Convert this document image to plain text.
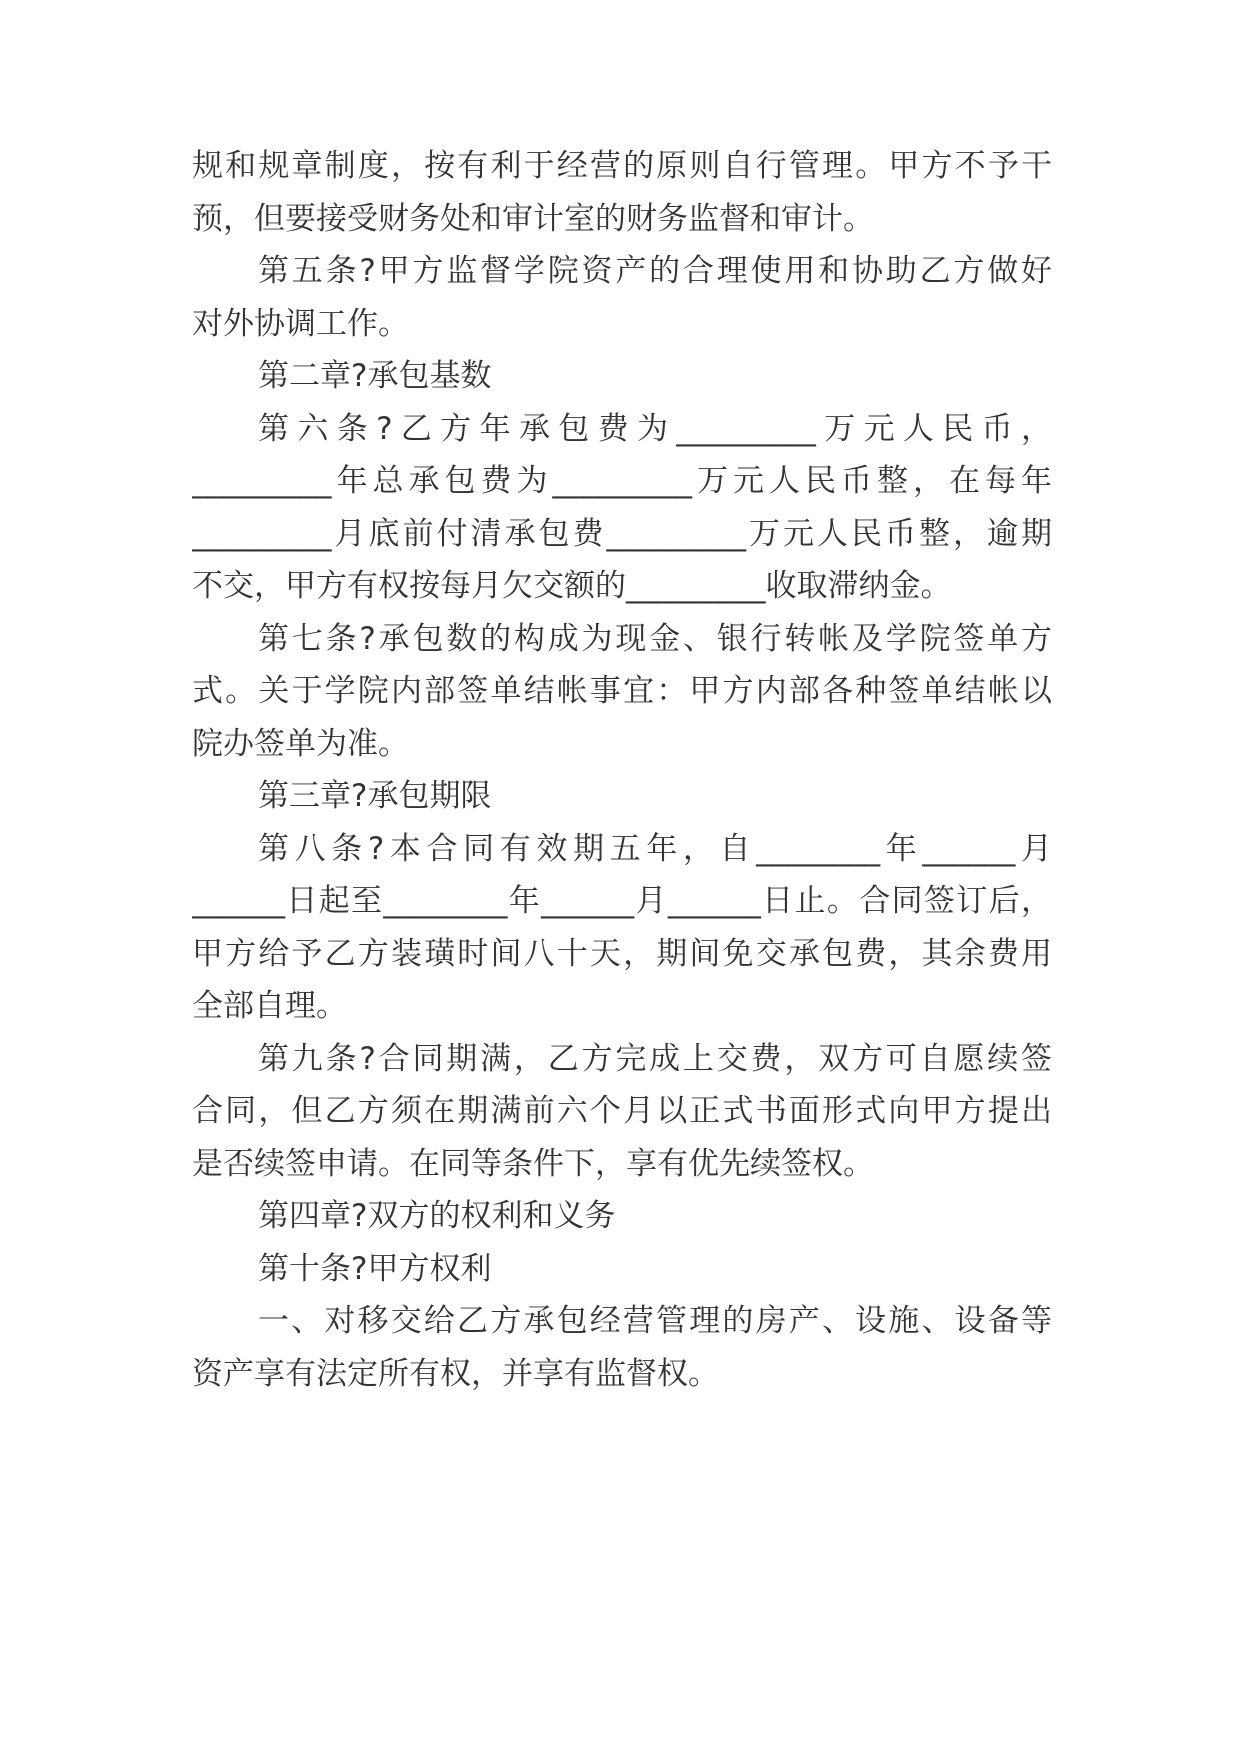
规和规章制度，按有利于经营的原则自行管理。甲方不予干
预，但要接受财务处和审计室的财务监督和审计。
第五条?甲方监督学院资产的合理使用和协助乙方做好
对外协调工作。
第二章?承包基数
第六条?乙方年承包费为_________万元人民币，
_________年总承包费为_________万元人民币整，在每年
_________月底前付清承包费_________万元人民币整，逾期
不交，甲方有权按每月欠交额的_________收取滞纳金。
第七条?承包数的构成为现金、银行转帐及学院签单方
式。关于学院内部签单结帐事宜：甲方内部各种签单结帐以
院办签单为准。
第三章?承包期限
第八条?本合同有效期五年，自________年______月
______日起至________年______月______日止。合同签订后，
甲方给予乙方装璜时间八十天，期间免交承包费，其余费用
全部自理。
第九条?合同期满，乙方完成上交费，双方可自愿续签
合同，但乙方须在期满前六个月以正式书面形式向甲方提出
是否续签申请。在同等条件下，享有优先续签权。
第四章?双方的权利和义务
第十条?甲方权利
一、对移交给乙方承包经营管理的房产、设施、设备等
资产享有法定所有权，并享有监督权。
